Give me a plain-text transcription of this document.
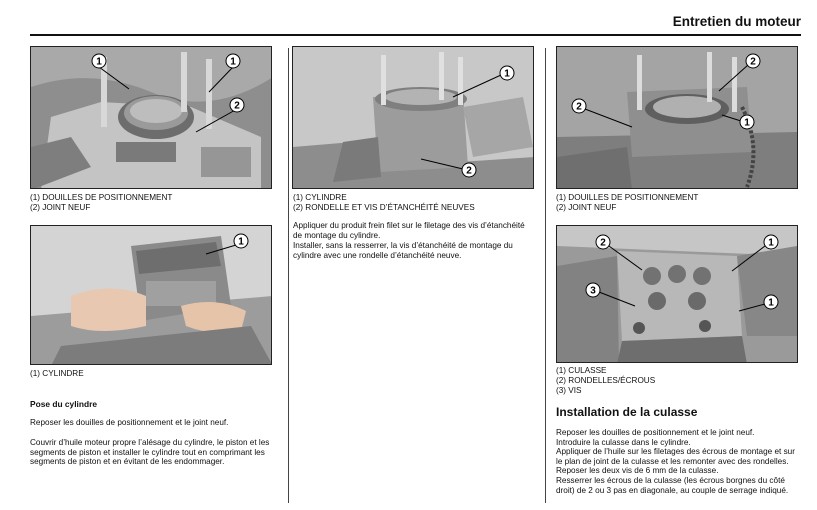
Entretien du moteur
1	1
2
(1) DOUILLES DE POSITIONNEMENT
(2) JOINT NEUF
1
(1) CYLINDRE
Pose du cylindre
Reposer les douilles de positionnement et le joint neuf.
Couvrir d’huile moteur propre l’alésage du cylindre, le piston et les segments de piston et installer le cylindre tout en comprimant les segments de piston et en évitant de les endommager.
1
2
(1) CYLINDRE
(2) RONDELLE ET VIS D’ÉTANCHÉITÉ NEUVES
Appliquer du produit frein filet sur le filetage des vis d’étanchéité de montage du cylindre.
Installer, sans la resserrer, la vis d’étanchéité de montage du cylindre avec une rondelle d’étanchéité neuve.
2
2
1
(1) DOUILLES DE POSITIONNEMENT
(2) JOINT NEUF
2	1
3
1
(1) CULASSE
(2) RONDELLES/ÉCROUS
(3) VIS
Installation de la culasse
Reposer les douilles de positionnement et le joint neuf.
Introduire la culasse dans le cylindre.
Appliquer de l’huile sur les filetages des écrous de montage et sur le plan de joint de la culasse et les remonter avec des rondelles.
Reposer les deux vis de 6 mm de la culasse.
Resserrer les écrous de la culasse (les écrous borgnes du côté droit) de 2 ou 3 pas en diagonale, au couple de serrage indiqué.
